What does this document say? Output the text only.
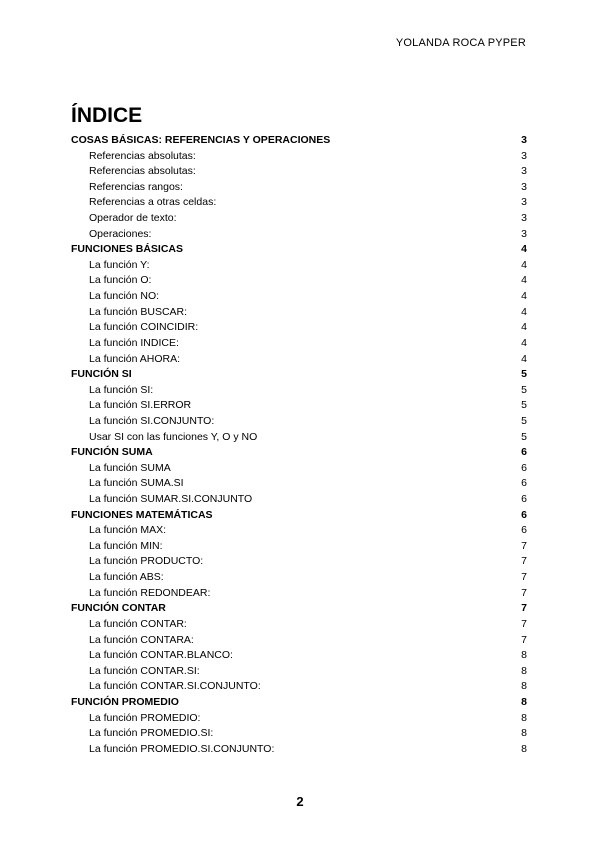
YOLANDA ROCA PYPER
ÍNDICE
COSAS BÁSICAS: REFERENCIAS Y OPERACIONES	3
Referencias absolutas:	3
Referencias absolutas:	3
Referencias rangos:	3
Referencias a otras celdas:	3
Operador de texto:	3
Operaciones:	3
FUNCIONES BÁSICAS	4
La función Y:	4
La función O:	4
La función NO:	4
La función BUSCAR:	4
La función COINCIDIR:	4
La función INDICE:	4
La función AHORA:	4
FUNCIÓN SI	5
La función SI:	5
La función SI.ERROR	5
La función SI.CONJUNTO:	5
Usar SI con las funciones Y, O y NO	5
FUNCIÓN SUMA	6
La función SUMA	6
La función SUMA.SI	6
La función SUMAR.SI.CONJUNTO	6
FUNCIONES MATEMÁTICAS	6
La función MAX:	6
La función MIN:	7
La función PRODUCTO:	7
La función ABS:	7
La función REDONDEAR:	7
FUNCIÓN CONTAR	7
La función CONTAR:	7
La función CONTARA:	7
La función CONTAR.BLANCO:	8
La función CONTAR.SI:	8
La función CONTAR.SI.CONJUNTO:	8
FUNCIÓN PROMEDIO	8
La función PROMEDIO:	8
La función PROMEDIO.SI:	8
La función PROMEDIO.SI.CONJUNTO:	8
2
